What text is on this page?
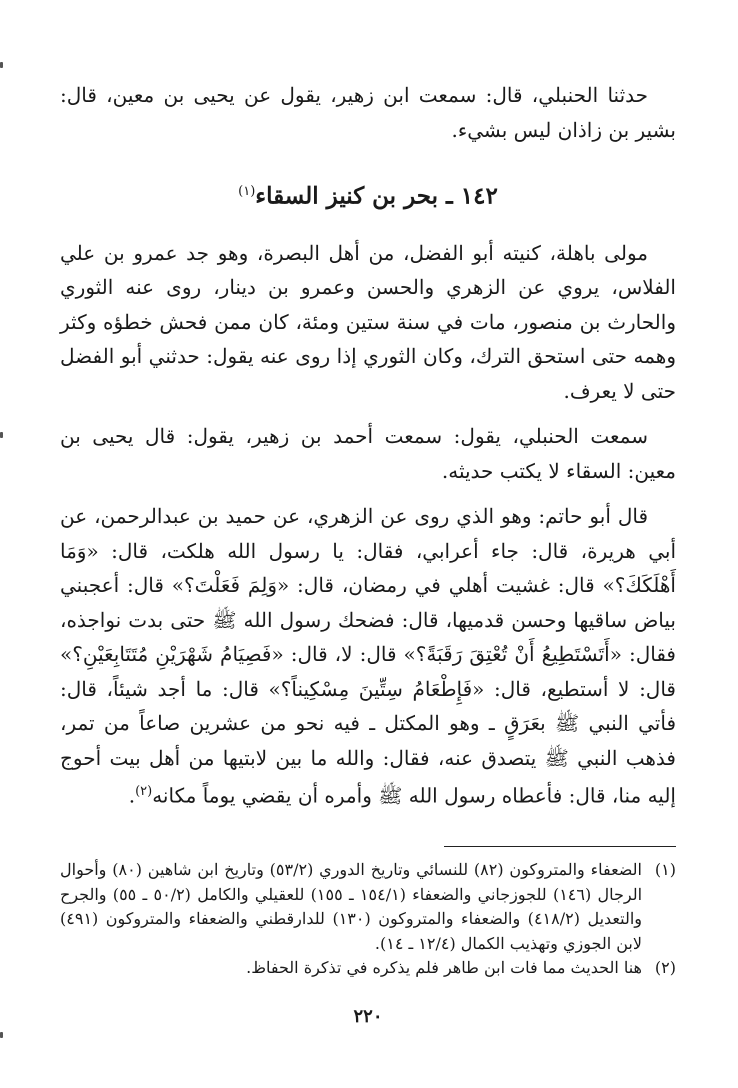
حدثنا الحنبلي، قال: سمعت ابن زهير، يقول عن يحيى بن معين، قال: بشير بن زاذان ليس بشيء.

١٤٢ ـ بحر بن كنيز السقاء$^{(١)}$

مولى باهلة، كنيته أبو الفضل، من أهل البصرة، وهو جد عمرو بن علي الفلاس، يروي عن الزهري والحسن وعمرو بن دينار، روى عنه الثوري والحارث بن منصور، مات في سنة ستين ومئة، كان ممن فحش خطؤه وكثر وهمه حتى استحق الترك، وكان الثوري إذا روى عنه يقول: حدثني أبو الفضل حتى لا يعرف.

سمعت الحنبلي، يقول: سمعت أحمد بن زهير، يقول: قال يحيى بن معين: السقاء لا يكتب حديثه.

قال أبو حاتم: وهو الذي روى عن الزهري، عن حميد بن عبدالرحمن، عن أبي هريرة، قال: جاء أعرابي، فقال: يا رسول الله هلكت، قال: «وَمَا أَهْلَكَكَ؟» قال: غشيت أهلي في رمضان، قال: «وَلِمَ فَعَلْتَ؟» قال: أعجبني بياض ساقيها وحسن قدميها، قال: فضحك رسول الله ﷺ حتى بدت نواجذه، فقال: «أَتَسْتَطِيعُ أَنْ تُعْتِقَ رَقَبَةً؟» قال: لا، قال: «فَصِيَامُ شَهْرَيْنِ مُتَتَابِعَيْنِ؟» قال: لا أستطيع، قال: «فَإِطْعَامُ سِتِّينَ مِسْكِيناً؟» قال: ما أجد شيئاً، قال: فأتي النبي ﷺ بعَرَقٍ ـ وهو المكتل ـ فيه نحو من عشرين صاعاً من تمر، فذهب النبي ﷺ يتصدق عنه، فقال: والله ما بين لابتيها من أهل بيت أحوج إليه منا، قال: فأعطاه رسول الله ﷺ وأمره أن يقضي يوماً مكانه$^{(٢)}$.

(١)
الضعفاء والمتروكون (٨٢) للنسائي وتاريخ الدوري (٥٣/٢) وتاريخ ابن شاهين (٨٠) وأحوال الرجال (١٤٦) للجوزجاني والضعفاء (١٥٤/١ ـ ١٥٥) للعقيلي والكامل (٥٠/٢ ـ ٥٥) والجرح والتعديل (٤١٨/٢) والضعفاء والمتروكون (١٣٠) للدارقطني والضعفاء والمتروكون (٤٩١) لابن الجوزي وتهذيب الكمال (١٢/٤ ـ ١٤).
(٢)
هنا الحديث مما فات ابن طاهر فلم يذكره في تذكرة الحفاظ.
٢٢٠
